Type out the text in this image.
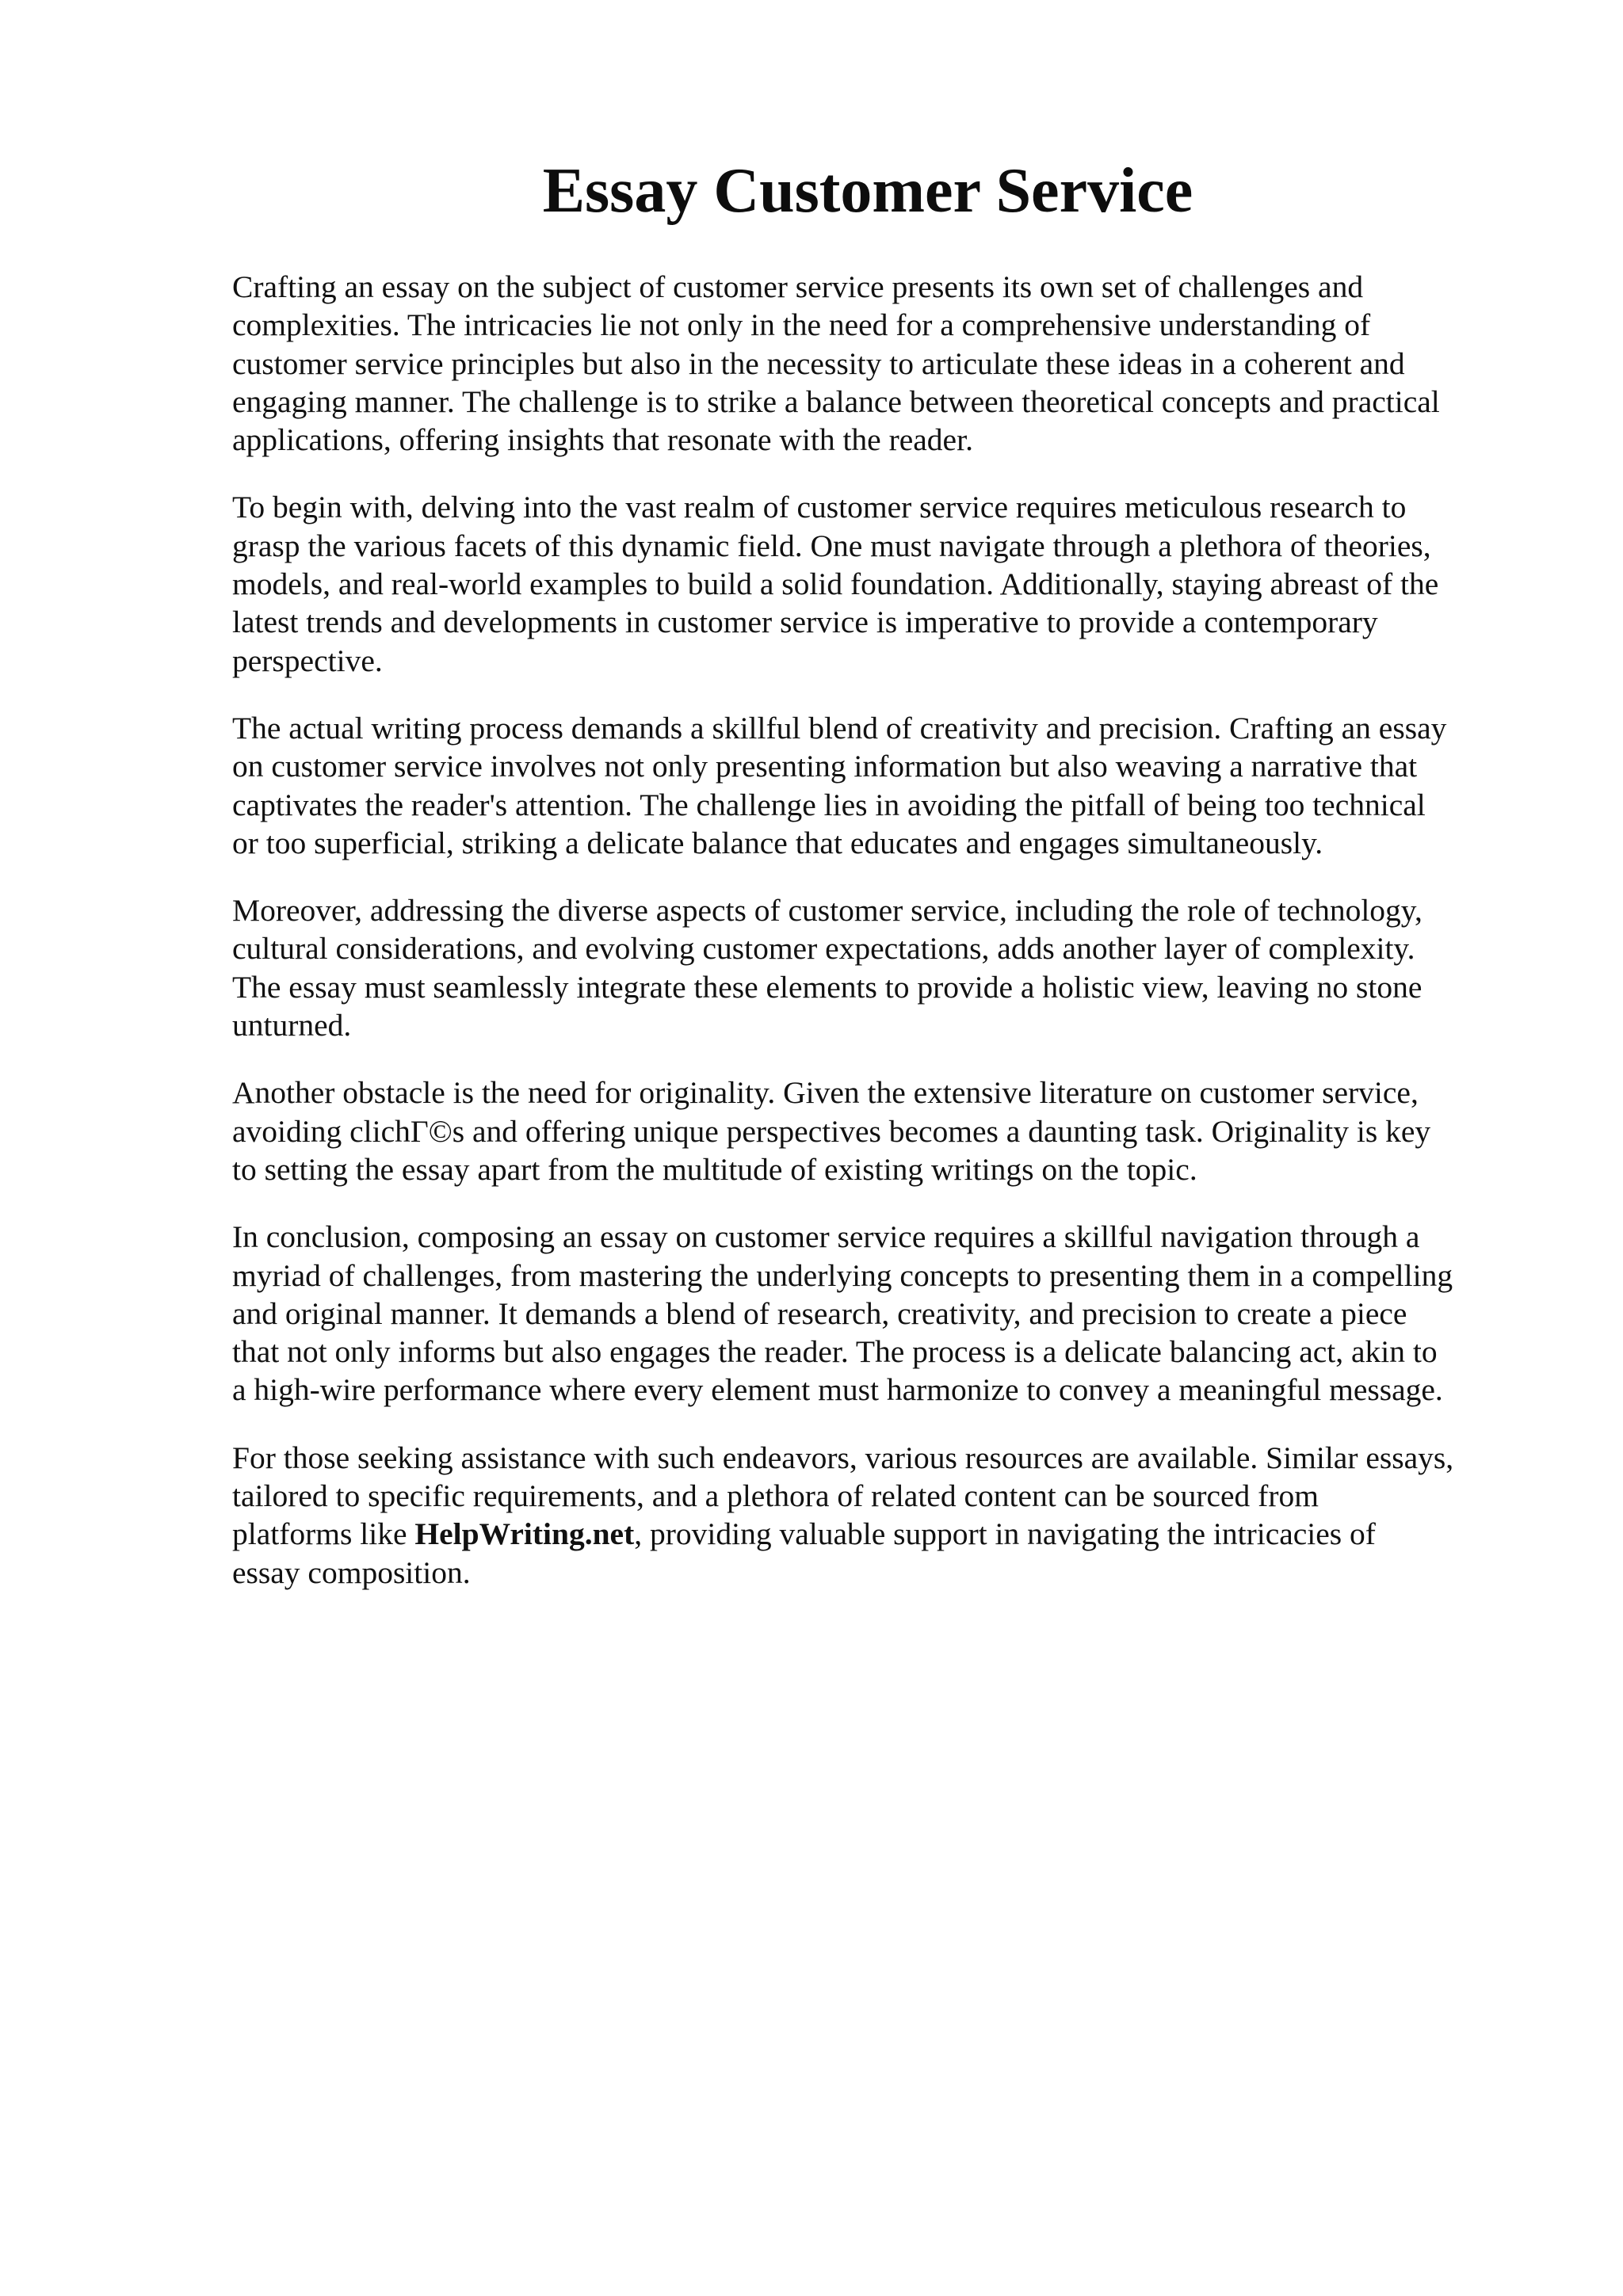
Essay Customer Service

Crafting an essay on the subject of customer service presents its own set of challenges and
complexities. The intricacies lie not only in the need for a comprehensive understanding of
customer service principles but also in the necessity to articulate these ideas in a coherent and
engaging manner. The challenge is to strike a balance between theoretical concepts and practical
applications, offering insights that resonate with the reader.

To begin with, delving into the vast realm of customer service requires meticulous research to
grasp the various facets of this dynamic field. One must navigate through a plethora of theories,
models, and real-world examples to build a solid foundation. Additionally, staying abreast of the
latest trends and developments in customer service is imperative to provide a contemporary
perspective.

The actual writing process demands a skillful blend of creativity and precision. Crafting an essay
on customer service involves not only presenting information but also weaving a narrative that
captivates the reader's attention. The challenge lies in avoiding the pitfall of being too technical
or too superficial, striking a delicate balance that educates and engages simultaneously.

Moreover, addressing the diverse aspects of customer service, including the role of technology,
cultural considerations, and evolving customer expectations, adds another layer of complexity.
The essay must seamlessly integrate these elements to provide a holistic view, leaving no stone
unturned.

Another obstacle is the need for originality. Given the extensive literature on customer service,
avoiding clichГ©s and offering unique perspectives becomes a daunting task. Originality is key
to setting the essay apart from the multitude of existing writings on the topic.

In conclusion, composing an essay on customer service requires a skillful navigation through a
myriad of challenges, from mastering the underlying concepts to presenting them in a compelling
and original manner. It demands a blend of research, creativity, and precision to create a piece
that not only informs but also engages the reader. The process is a delicate balancing act, akin to
a high-wire performance where every element must harmonize to convey a meaningful message.

For those seeking assistance with such endeavors, various resources are available. Similar essays,
tailored to specific requirements, and a plethora of related content can be sourced from
platforms like HelpWriting.net, providing valuable support in navigating the intricacies of
essay composition.
